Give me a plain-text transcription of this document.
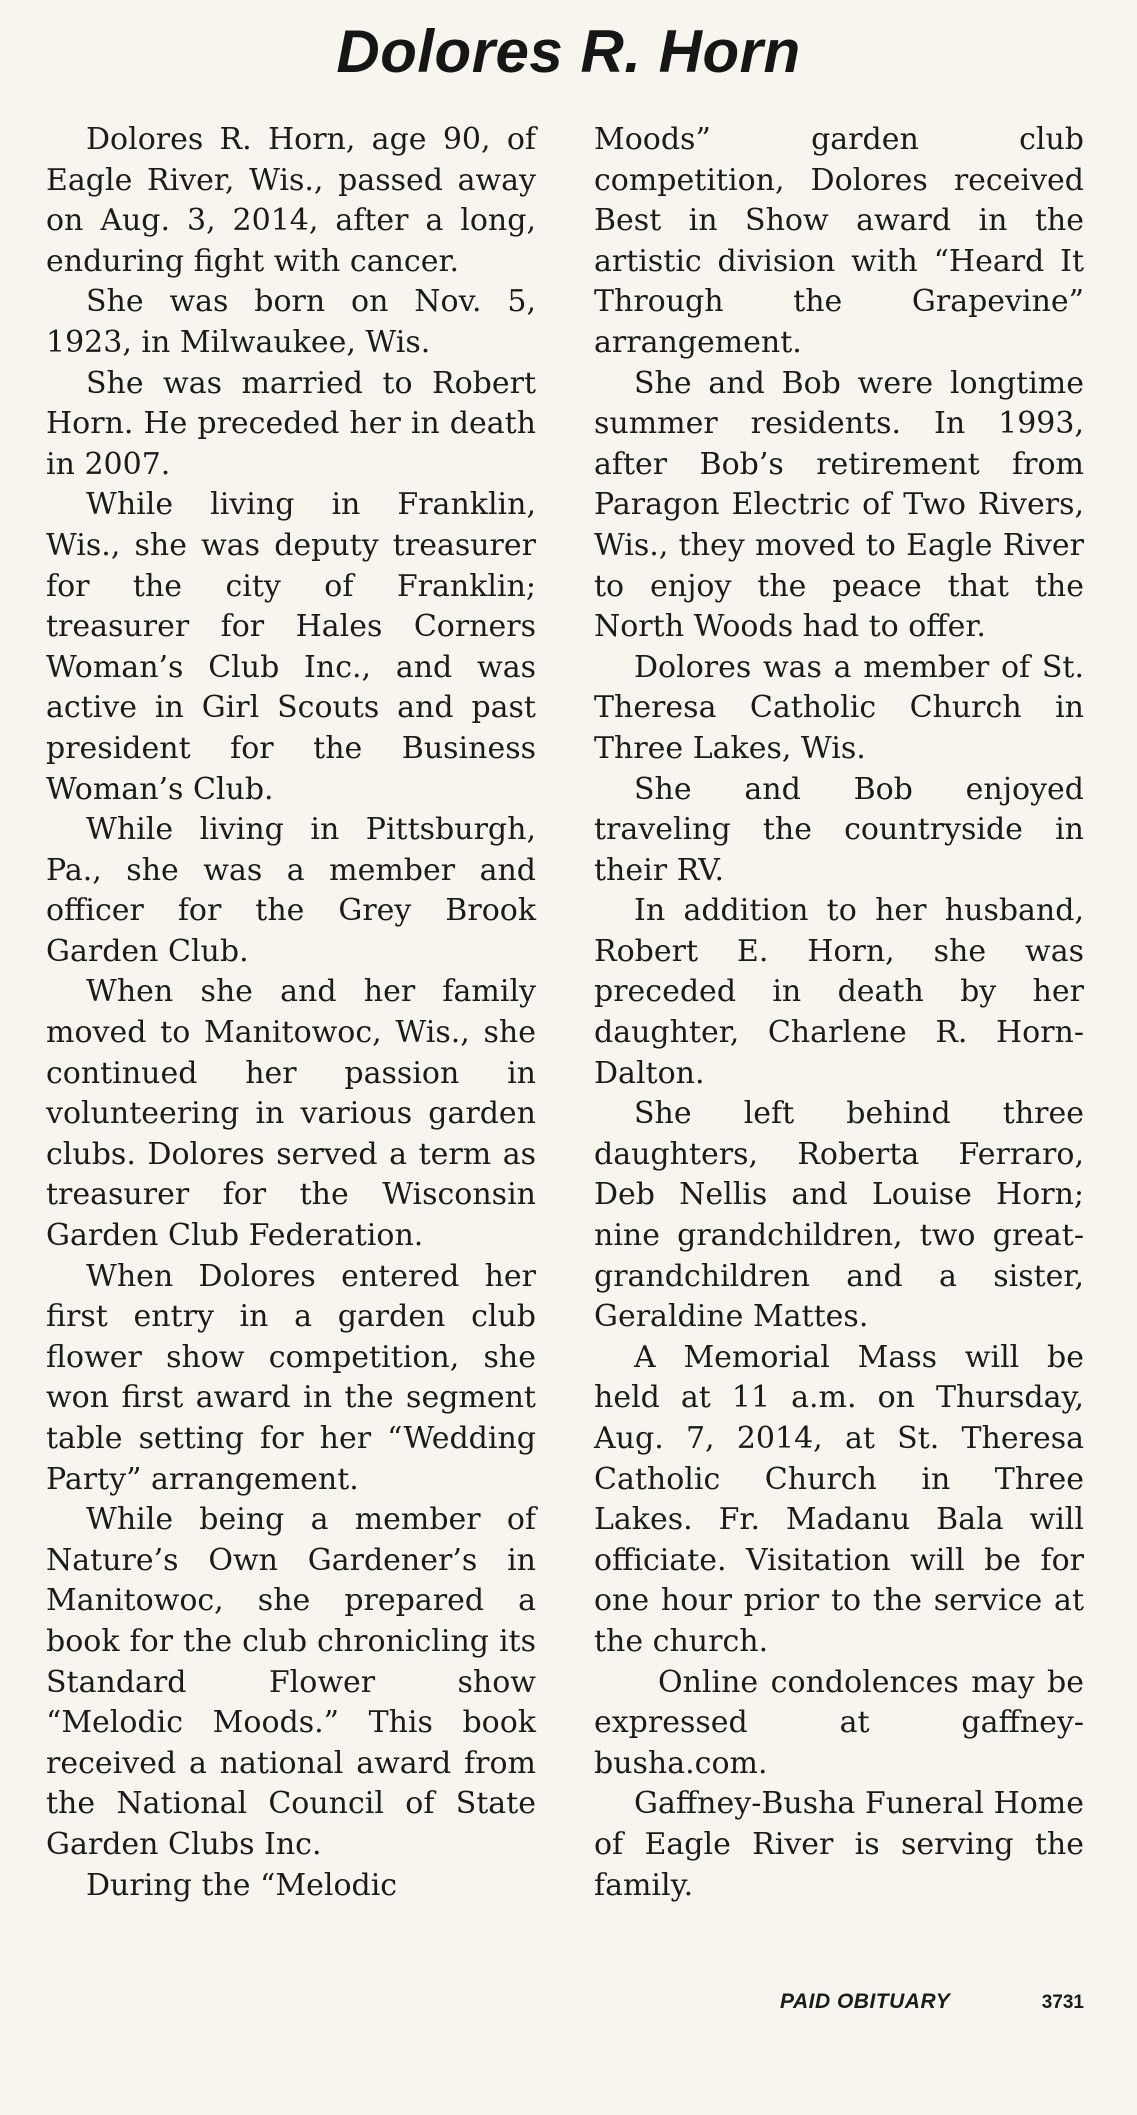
Dolores R. Horn

Dolores R. Horn, age 90, of Eagle River, Wis., passed away on Aug. 3, 2014, after a long, enduring fight with cancer.

She was born on Nov. 5, 1923, in Milwaukee, Wis.

She was married to Robert Horn. He preceded her in death in 2007.

While living in Franklin, Wis., she was deputy treasurer for the city of Franklin; treasurer for Hales Corners Woman’s Club Inc., and was active in Girl Scouts and past president for the Business Woman’s Club.

While living in Pittsburgh, Pa., she was a member and officer for the Grey Brook Garden Club.

When she and her family moved to Manitowoc, Wis., she continued her passion in volunteering in various garden clubs. Dolores served a term as treasurer for the Wisconsin Garden Club Federation.

When Dolores entered her first entry in a garden club flower show competition, she won first award in the segment table setting for her “Wedding Party” arrangement.

While being a member of Nature’s Own Gardener’s in Manitowoc, she prepared a book for the club chronicling its Standard Flower show “Melodic Moods.” This book received a national award from the National Council of State Garden Clubs Inc.

During the “Melodic

Moods” garden club competition, Dolores received Best in Show award in the artistic division with “Heard It Through the Grapevine” arrangement.

She and Bob were longtime summer residents. In 1993, after Bob’s retirement from Paragon Electric of Two Rivers, Wis., they moved to Eagle River to enjoy the peace that the North Woods had to offer.

Dolores was a member of St. Theresa Catholic Church in Three Lakes, Wis.

She and Bob enjoyed traveling the countryside in their RV.

In addition to her husband, Robert E. Horn, she was preceded in death by her daughter, Charlene R. Horn-Dalton.

She left behind three daughters, Roberta Ferraro, Deb Nellis and Louise Horn; nine grandchildren, two great-grandchildren and a sister, Geraldine Mattes.

A Memorial Mass will be held at 11 a.m. on Thursday, Aug. 7, 2014, at St. Theresa Catholic Church in Three Lakes. Fr. Madanu Bala will officiate. Visitation will be for one hour prior to the service at the church.

Online condolences may be expressed at gaffney-busha.com.

Gaffney-Busha Funeral Home of Eagle River is serving the family.

PAID OBITUARY	3731
